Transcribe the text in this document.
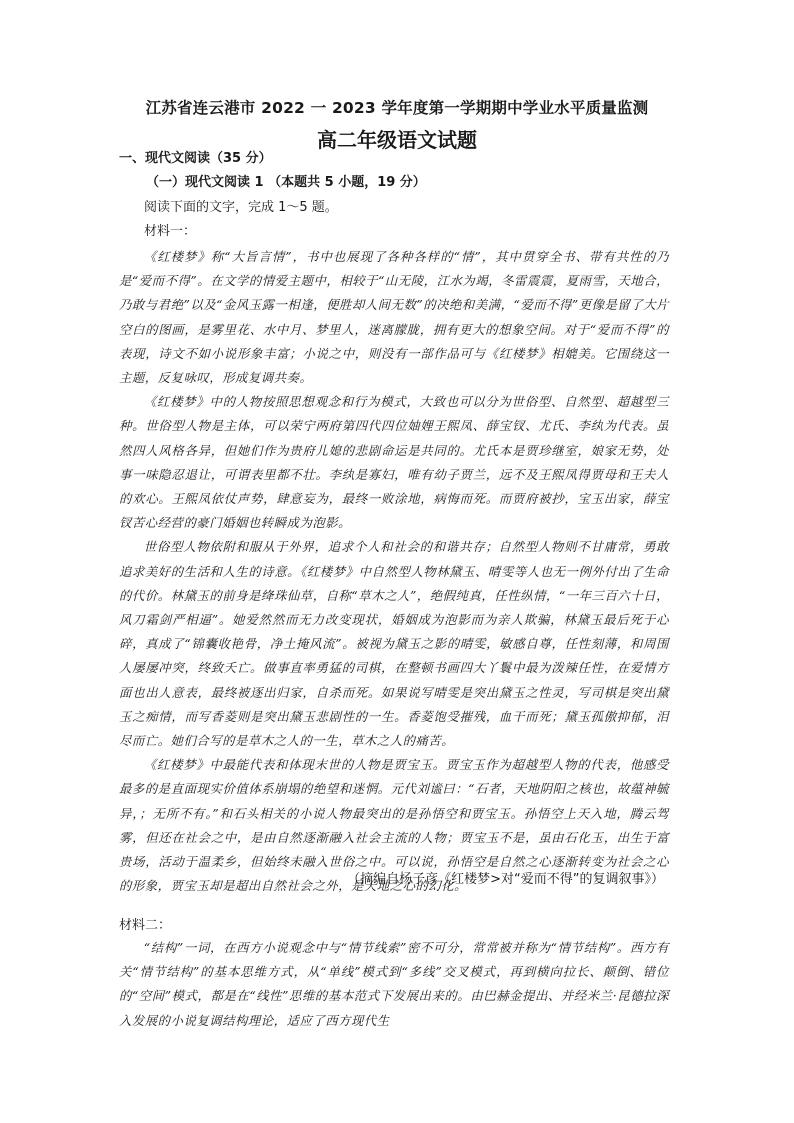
江苏省连云港市 2022 一 2023 学年度第一学期期中学业水平质量监测
高二年级语文试题
一、现代文阅读（35 分）
（一）现代文阅读 1 （本题共 5 小题，19 分）
阅读下面的文字，完成 1～5 题。
材料一：

《红楼梦》称“大旨言情”，书中也展现了各种各样的“情”，其中贯穿全书、带有共性的乃是“爱而不得”。在文学的情爱主题中，相较于“山无陵，江水为竭，冬雷震震，夏雨雪，天地合，乃敢与君绝”以及“金风玉露一相逢，便胜却人间无数”的决绝和美满，“爱而不得”更像是留了大片空白的图画，是雾里花、水中月、梦里人，迷离朦胧，拥有更大的想象空间。对于“爱而不得”的表现，诗文不如小说形象丰富；小说之中，则没有一部作品可与《红楼梦》相媲美。它围绕这一主题，反复咏叹，形成复调共奏。

《红楼梦》中的人物按照思想观念和行为模式，大致也可以分为世俗型、自然型、超越型三种。世俗型人物是主体，可以荣宁两府第四代四位妯娌王熙凤、薛宝钗、尤氏、李纨为代表。虽然四人风格各异，但她们作为贵府儿媳的悲剧命运是共同的。尤氏本是贾珍继室，娘家无势，处事一味隐忍退让，可谓表里都不壮。李纨是寡妇，唯有幼子贾兰，远不及王熙凤得贾母和王夫人的欢心。王熙凤依仗声势，肆意妄为，最终一败涂地，病悔而死。而贾府被抄，宝玉出家，薛宝钗苦心经营的豪门婚姻也转瞬成为泡影。

世俗型人物依附和服从于外界，追求个人和社会的和谐共存；自然型人物则不甘庸常，勇敢追求美好的生活和人生的诗意。《红楼梦》中自然型人物林黛玉、晴雯等人也无一例外付出了生命的代价。林黛玉的前身是绛珠仙草，自称“草木之人”，绝假纯真，任性纵情，“一年三百六十日，风刀霜剑严相逼”。她爱然然而无力改变现状，婚姻成为泡影而为亲人欺骗，林黛玉最后死于心碎，真成了“锦囊收艳骨，净土掩风流”。被视为黛玉之影的晴雯，敏感自尊，任性刻薄，和周围人屡屡冲突，终致夭亡。做事直率勇猛的司棋，在整顿书画四大丫鬟中最为泼辣任性，在爱情方面也出人意表，最终被逐出归家，自杀而死。如果说写晴雯是突出黛玉之性灵，写司棋是突出黛玉之痴情，而写香菱则是突出黛玉悲剧性的一生。香菱饱受摧残，血干而死；黛玉孤傲抑郁，泪尽而亡。她们合写的是草木之人的一生，草木之人的痛苦。

《红楼梦》中最能代表和体现末世的人物是贾宝玉。贾宝玉作为超越型人物的代表，他感受最多的是直面现实价值体系崩塌的绝望和迷惘。元代刘谧曰：“石者，天地阴阳之核也，故蕴神毓异，；无所不有。”和石头相关的小说人物最突出的是孙悟空和贾宝玉。孙悟空上天入地，腾云驾雾，但还在社会之中，是由自然逐渐融入社会主流的人物；贾宝玉不是，虽由石化玉，出生于富贵场，活动于温柔乡，但始终未融入世俗之中。可以说，孙悟空是自然之心逐渐转变为社会之心的形象，贾宝玉却是超出自然社会之外，是天地之心的幻化。

（摘编自杨子彦《红楼梦>对“爱而不得”的复调叙事》）
材料二：

“结构”一词，在西方小说观念中与“情节线索”密不可分，常常被并称为“情节结构”。西方有关“情节结构”的基本思维方式，从“单线”模式到“多线”交叉模式，再到横向拉长、颠倒、错位的“空间”模式，都是在“线性”思维的基本范式下发展出来的。由巴赫金提出、并经米兰·昆德拉深入发展的小说复调结构理论，适应了西方现代生
